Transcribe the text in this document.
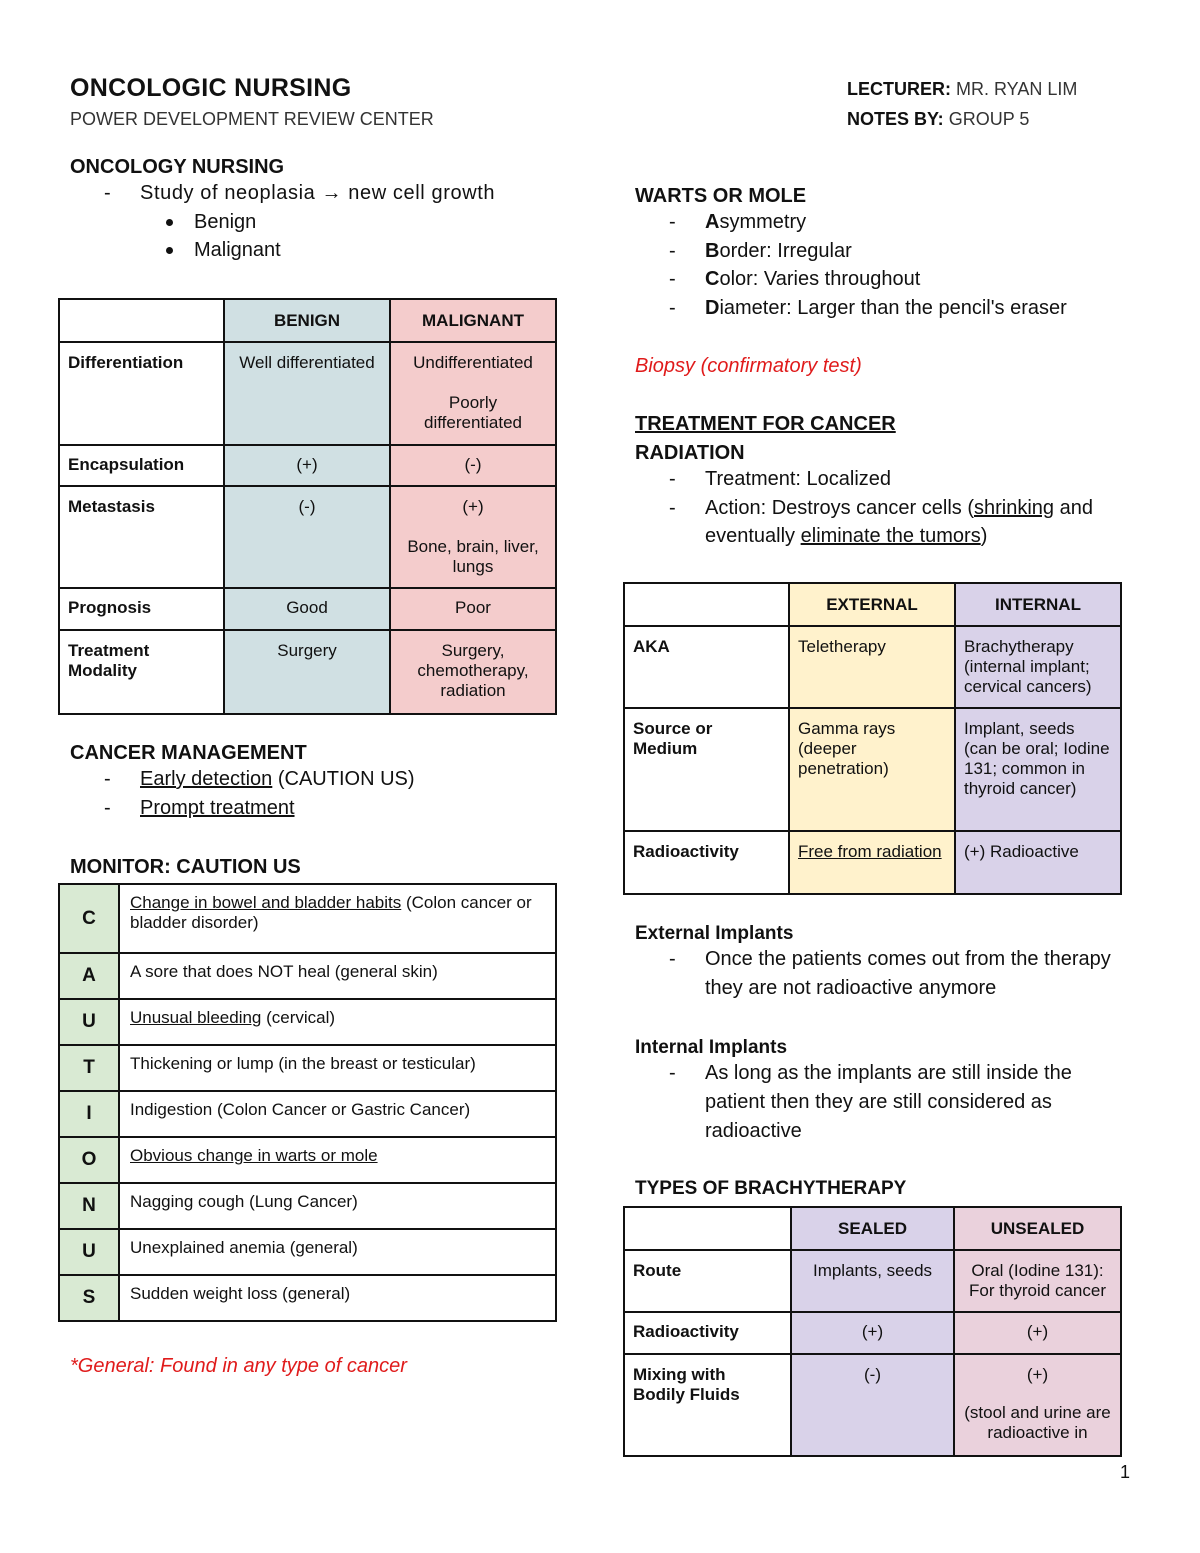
ONCOLOGIC NURSING
POWER DEVELOPMENT REVIEW CENTER
LECTURER: MR. RYAN LIM
NOTES BY: GROUP 5
ONCOLOGY NURSING
- Study of neoplasia → new cell growth
Benign
Malignant
	BENIGN	MALIGNANT
Differentiation	Well differentiated	Undifferentiated
Poorly differentiated

Encapsulation	(+)	(-)
Metastasis	(-)	(+)
Bone, brain, liver, lungs

Prognosis	Good	Poor
Treatment Modality	Surgery	Surgery, chemotherapy, radiation
CANCER MANAGEMENT
- Early detection (CAUTION US)
- Prompt treatment
MONITOR: CAUTION US
C	Change in bowel and bladder habits (Colon cancer or bladder disorder)
A	A sore that does NOT heal (general skin)
U	Unusual bleeding (cervical)
T	Thickening or lump (in the breast or testicular)
I	Indigestion (Colon Cancer or Gastric Cancer)
O	Obvious change in warts or mole
N	Nagging cough (Lung Cancer)
U	Unexplained anemia (general)
S	Sudden weight loss (general)
*General: Found in any type of cancer
WARTS OR MOLE
- Asymmetry
- Border: Irregular
- Color: Varies throughout
- Diameter: Larger than the pencil's eraser
Biopsy (confirmatory test)
TREATMENT FOR CANCER
RADIATION
- Treatment: Localized
- Action: Destroys cancer cells (shrinking and eventually eliminate the tumors)
	EXTERNAL	INTERNAL
AKA	Teletherapy	Brachytherapy (internal implant; cervical cancers)
Source or Medium	Gamma rays (deeper penetration)	Implant, seeds (can be oral; Iodine 131; common in thyroid cancer)
Radioactivity	Free from radiation	(+) Radioactive
External Implants
- Once the patients comes out from the therapy they are not radioactive anymore
Internal Implants
- As long as the implants are still inside the patient then they are still considered as radioactive
TYPES OF BRACHYTHERAPY
	SEALED	UNSEALED
Route	Implants, seeds	Oral (Iodine 131): For thyroid cancer
Radioactivity	(+)	(+)
Mixing with Bodily Fluids	(-)	(+)
(stool and urine are radioactive in
1
